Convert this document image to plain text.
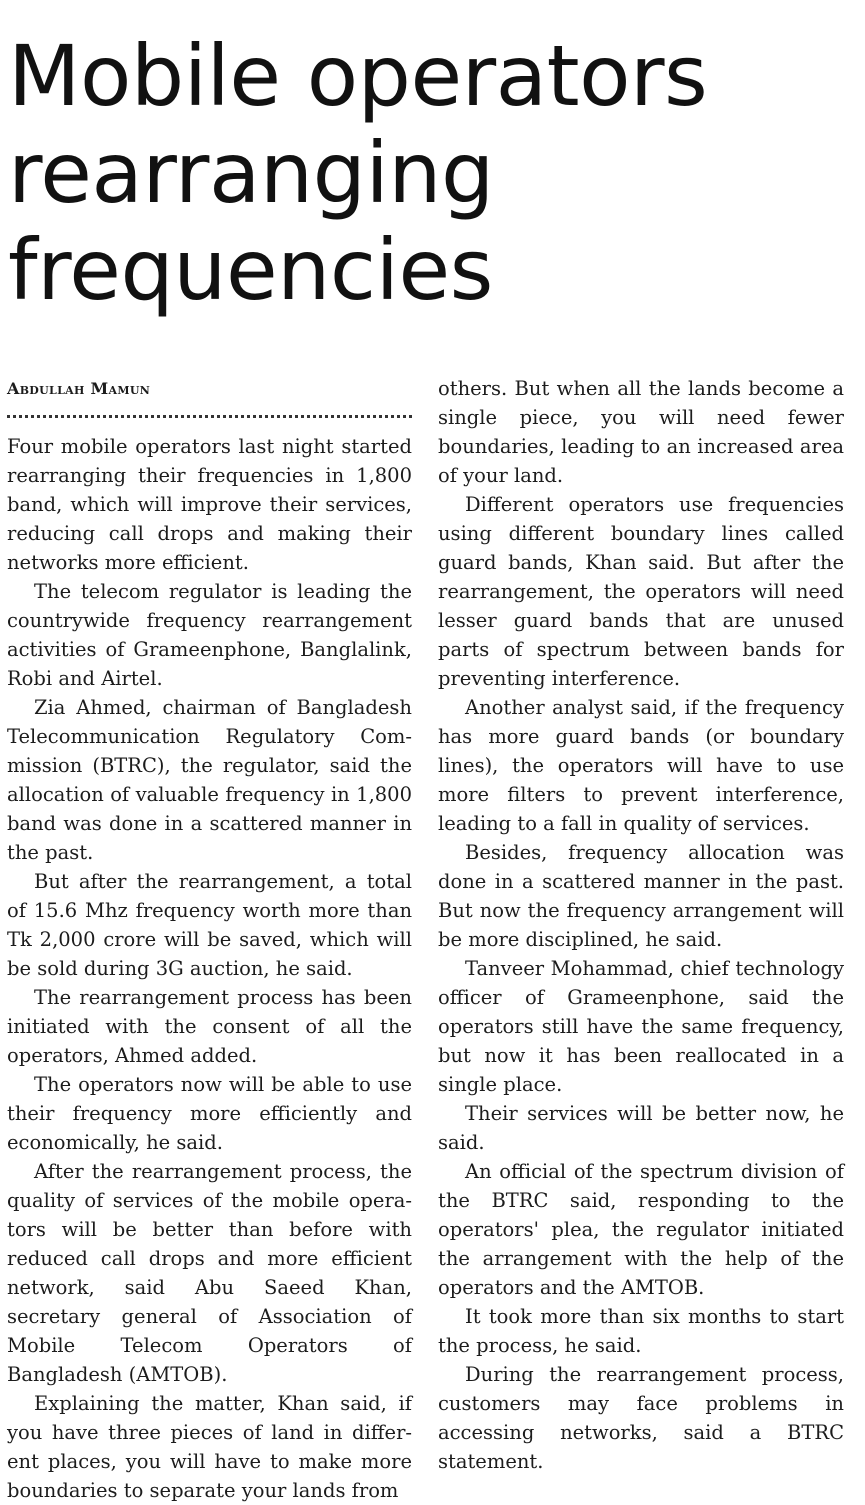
Mobile operators rearranging frequencies
Abdullah Mamun

Four mobile operators last night started rearranging their frequencies in 1,800 band, which will improve their services, reducing call drops and making their networks more efficient.

The telecom regulator is leading the countrywide frequency rearrangement activities of Grameenphone, Banglalink, Robi and Airtel.

Zia Ahmed, chairman of Bangladesh Telecommunication Regulatory Commission (BTRC), the regulator, said the allocation of valuable frequency in 1,800 band was done in a scattered manner in the past.

But after the rearrangement, a total of 15.6 Mhz frequency worth more than Tk 2,000 crore will be saved, which will be sold during 3G auction, he said.

The rearrangement process has been initiated with the consent of all the operators, Ahmed added.

The operators now will be able to use their frequency more efficiently and economically, he said.

After the rearrangement process, the quality of services of the mobile operators will be better than before with reduced call drops and more efficient network, said Abu Saeed Khan, secretary general of Association of Mobile Telecom Operators of Bangladesh (AMTOB).

Explaining the matter, Khan said, if you have three pieces of land in different places, you will have to make more boundaries to separate your lands from

others. But when all the lands become a single piece, you will need fewer boundaries, leading to an increased area of your land.

Different operators use frequencies using different boundary lines called guard bands, Khan said. But after the rearrangement, the operators will need lesser guard bands that are unused parts of spectrum between bands for preventing interference.

Another analyst said, if the frequency has more guard bands (or boundary lines), the operators will have to use more filters to prevent interference, leading to a fall in quality of services.

Besides, frequency allocation was done in a scattered manner in the past. But now the frequency arrangement will be more disciplined, he said.

Tanveer Mohammad, chief technology officer of Grameenphone, said the operators still have the same frequency, but now it has been reallocated in a single place.

Their services will be better now, he said.

An official of the spectrum division of the BTRC said, responding to the operators' plea, the regulator initiated the arrangement with the help of the operators and the AMTOB.

It took more than six months to start the process, he said.

During the rearrangement process, customers may face problems in accessing networks, said a BTRC statement.
